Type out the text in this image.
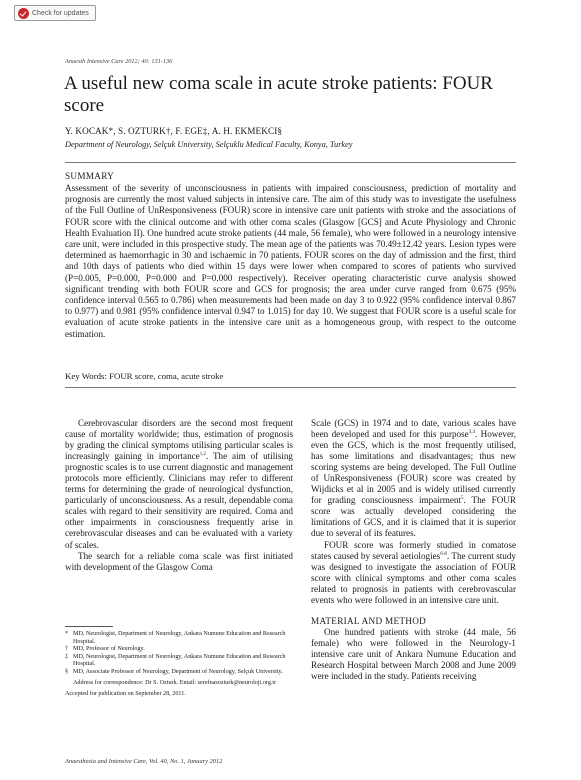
Check for updates
Anaesth Intensive Care 2012; 40: 131-136
A useful new coma scale in acute stroke patients: FOUR score
Y. KOCAK*, S. OZTURK†, F. EGE‡, A. H. EKMEKCI§
Department of Neurology, Selçuk University, Selçuklu Medical Faculty, Konya, Turkey
SUMMARY

Assessment of the severity of unconsciousness in patients with impaired consciousness, prediction of mortality and prognosis are currently the most valued subjects in intensive care. The aim of this study was to investigate the usefulness of the Full Outline of UnResponsiveness (FOUR) score in intensive care unit patients with stroke and the associations of FOUR score with the clinical outcome and with other coma scales (Glasgow [GCS] and Acute Physiology and Chronic Health Evaluation II). One hundred acute stroke patients (44 male, 56 female), who were followed in a neurology intensive care unit, were included in this prospective study. The mean age of the patients was 70.49±12.42 years. Lesion types were determined as haemorrhagic in 30 and ischaemic in 70 patients. FOUR scores on the day of admission and the first, third and 10th days of patients who died within 15 days were lower when compared to scores of patients who survived (P=0.005, P=0.000, P=0.000 and P=0.000 respectively). Receiver operating characteristic curve analysis showed significant trending with both FOUR score and GCS for prognosis; the area under curve ranged from 0.675 (95% confidence interval 0.565 to 0.786) when measurements had been made on day 3 to 0.922 (95% confidence interval 0.867 to 0.977) and 0.981 (95% confidence interval 0.947 to 1.015) for day 10. We suggest that FOUR score is a useful scale for evaluation of acute stroke patients in the intensive care unit as a homogeneous group, with respect to the outcome estimation.

Key Words: FOUR score, coma, acute stroke

Cerebrovascular disorders are the second most frequent cause of mortality worldwide; thus, estimation of prognosis by grading the clinical symptoms utilising particular scales is increasingly gaining in importance$^{1,2}$. The aim of utilising prognostic scales is to use current diagnostic and management protocols more efficiently. Clinicians may refer to different terms for determining the grade of neurological dysfunction, particularly of unconsciousness. As a result, dependable coma scales with regard to their sensitivity are required. Coma and other impairments in consciousness frequently arise in cerebrovascular diseases and can be evaluated with a variety of scales.

The search for a reliable coma scale was first initiated with development of the Glasgow Coma

Scale (GCS) in 1974 and to date, various scales have been developed and used for this purpose$^{3,4}$. However, even the GCS, which is the most frequently utilised, has some limitations and disadvantages; thus new scoring systems are being developed. The Full Outline of UnResponsiveness (FOUR) score was created by Wijdicks et al in 2005 and is widely utilised currently for grading consciousness impairment$^5$. The FOUR score was actually developed considering the limitations of GCS, and it is claimed that it is superior due to several of its features.

FOUR score was formerly studied in comatose states caused by several aetiologies$^{6-8}$. The current study was designed to investigate the association of FOUR score with clinical symptoms and other coma scales related to prognosis in patients with cerebrovascular events who were followed in an intensive care unit.

MATERIAL AND METHOD

One hundred patients with stroke (44 male, 56 female) who were followed in the Neurology-1 intensive care unit of Ankara Numune Education and Research Hospital between March 2008 and June 2009 were included in the study. Patients receiving

* MD, Neurologist, Department of Neurology, Ankara Numune Education and Research Hospital.
† MD, Professor of Neurology.
‡ MD, Neurologist, Department of Neurology, Ankara Numune Education and Research Hospital.
§ MD, Associate Professor of Neurology, Department of Neurology, Selçuk University.
Address for correspondence: Dr S. Ozturk. Email: serefnasozturk@neuroloji.org.tr
Accepted for publication on September 28, 2011.
Anaesthesia and Intensive Care, Vol. 40, No. 1, January 2012
